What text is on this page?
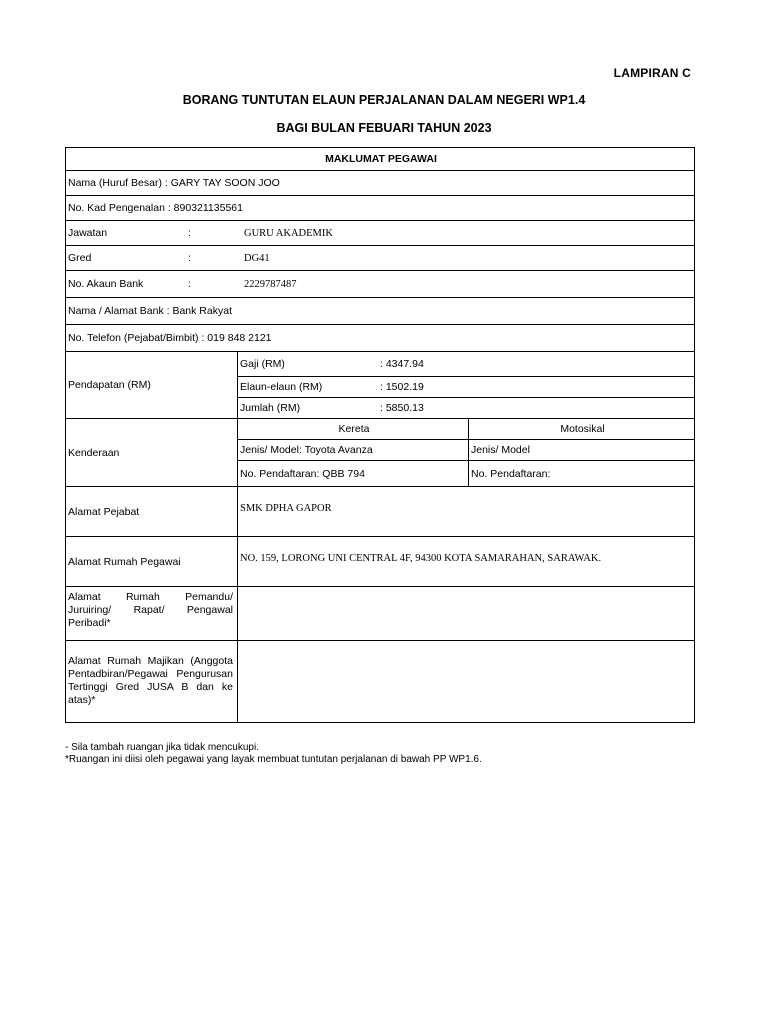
LAMPIRAN C
BORANG TUNTUTAN ELAUN PERJALANAN DALAM NEGERI WP1.4
BAGI BULAN FEBUARI TAHUN 2023
MAKLUMAT PEGAWAI		
Nama (Huruf Besar) : GARY TAY SOON JOO		
No. Kad Pengenalan : 890321135561		
Jawatan : GURU AKADEMIK		
Gred : DG41		
No. Akaun Bank : 2229787487		
Nama / Alamat Bank : Bank Rakyat		
No. Telefon (Pejabat/Bimbit) : 019 848 2121		
Pendapatan (RM)	Gaji (RM) : 4347.94	
	Elaun-elaun (RM) : 1502.19	
	Jumlah (RM) : 5850.13	
Kenderaan	Kereta	Motosikal
	Jenis/ Model: Toyota Avanza	Jenis/ Model
	No. Pendaftaran: QBB 794	No. Pendaftaran:
Alamat Pejabat	SMK DPHA GAPOR	
Alamat Rumah Pegawai	NO. 159, LORONG UNI CENTRAL 4F, 94300 KOTA SAMARAHAN, SARAWAK.	

Alamat Rumah Pemandu/ Juruiring/ Rapat/ Pengawal Peribadi*		

Alamat Rumah Majikan (Anggota Pentadbiran/Pegawai Pengurusan Tertinggi Gred JUSA B dan ke atas)*		

- Sila tambah ruangan jika tidak mencukupi.
*Ruangan ini diisi oleh pegawai yang layak membuat tuntutan perjalanan di bawah PP WP1.6.
